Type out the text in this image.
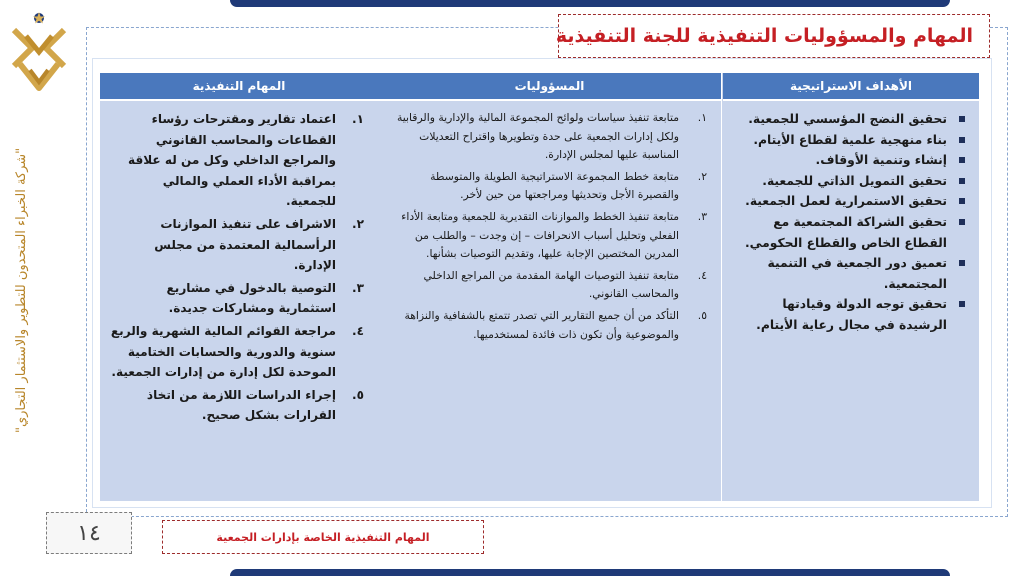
"شركة الخبراء المتحدون للتطوير والاستثمار التجاري"
المهام والمسؤوليات التنفيذية للجنة التنفيذية
الأهداف الاستراتيجية
تحقيق النضج المؤسسي للجمعية.
بناء منهجية علمية لقطاع الأيتام.
إنشاء وتنمية الأوقاف.
تحقيق التمويل الذاتي للجمعية.
تحقيق الاستمرارية لعمل الجمعية.
تحقيق الشراكة المجتمعية مع القطاع الخاص والقطاع الحكومي.
تعميق دور الجمعية في التنمية المجتمعية.
تحقيق توجه الدولة وقيادتها الرشيدة في مجال رعاية الأيتام.
المسؤوليات
١.
متابعة تنفيذ سياسات ولوائح المجموعة المالية والإدارية والرقابية ولكل إدارات الجمعية على حدة وتطويرها واقتراح التعديلات المناسبة عليها لمجلس الإدارة.
٢.
متابعة خطط المجموعة الاستراتيجية الطويلة والمتوسطة والقصيرة الأجل وتحديثها ومراجعتها من حين لأخر.
٣.
متابعة تنفيذ الخطط والموازنات التقديرية للجمعية ومتابعة الأداء الفعلي وتحليل أسباب الانحرافات – إن وجدت – والطلب من المدرين المختصين الإجابة عليها، وتقديم التوصيات بشأنها.
٤.
متابعة تنفيذ التوصيات الهامة المقدمة من المراجع الداخلي والمحاسب القانوني.
٥.
التأكد من أن جميع التقارير التي تصدر تتمتع بالشفافية والنزاهة والموضوعية وأن تكون ذات فائدة لمستخدميها.
المهام التنفيذية
١.
اعتماد تقارير ومقترحات رؤساء القطاعات والمحاسب القانوني والمراجع الداخلي وكل من له علاقة بمراقبة الأداء العملي والمالي للجمعية.
٢.
الاشراف على تنفيذ الموازنات الرأسمالية المعتمدة من مجلس الإدارة.
٣.
التوصية بالدخول في مشاريع استثمارية ومشاركات جديدة.
٤.
مراجعة القوائم المالية الشهرية والربع سنوية والدورية والحسابات الختامية الموحدة لكل إدارة من إدارات الجمعية.
٥.
إجراء الدراسات اللازمة من اتخاذ القرارات بشكل صحيح.
١٤	المهام التنفيذية الخاصة بإدارات الجمعية
